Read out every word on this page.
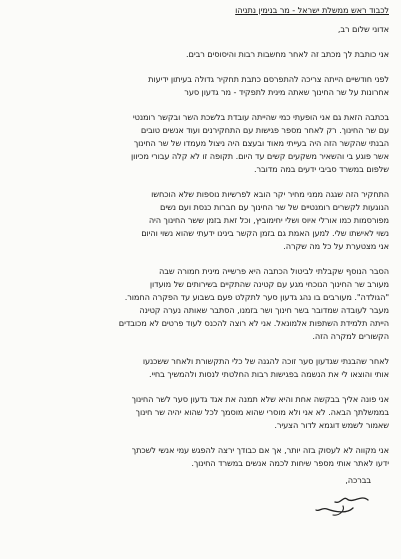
לכבוד ראש ממשלת ישראל - מר בנימין נתניהו
אדוני שלום רב,
אני כותבת לך מכתב זה לאחר מחשבות רבות והיסוסים רבים.
לפני חודשיים הייתה צריכה להתפרסם כתבת תחקיר גדולה בעיתון ידיעות
אחרונות על שר החינוך שאתה מינית לתפקיד - מר גדעון סער
בכתבה הזאת גם אני הופעתי כמי שהייתה עובדת בלשכת השר ובקשר רומנטי
עם שר החינוך. רק לאחר מספר פגישות עם התחקירנים ועוד אנשים טובים
הבנתי שהקשר הזה היה בעייתי מאוד ובעצם היה ניצול מעמדו של שר החינוך
אשר פוגע בי והשאיר משקעים קשים עד היום. תקופה זו לא קלה עבורי מכיוון
שלפום במשרד סביבי ידעים במה מדובר.
התחקיר הזה שגגה ממני מחיר יקר הובא לפרשיות נוספות שלא הוכחשו
הנוגעות לקשרים רומנטיים של שר החינוך עם חברות כנסת ועם נשים
מפורסמות כמו אורלי איוס ושלי יחימוביץ, וכל זאת בזמן ששר החינוך היה
נשוי לאישתו שלי. למען האמת גם בזמן הקשר בינינו ידעתי שהוא נשוי והיום
אני מצטערת על כל מה שקרה.
הסבר הנוסף שקבלתי לביטול הכתבה היא פרשייה מינית חמורה שבה
מעורב שר החינוך הנוכחי מגע עם קטינה שהתקיים בשירותים של מועדון
"הגולדה". מעורבים בו נהג גדעון סער לתקלט פעם בשבוע עד הפקרה החמור.
מעבר לעובדה שמדובר בשר חינוך ושר בזמנו, הסתבר שאותה נערה קטינה
הייתה תלמידת השתפות אלמונאל. אני לא רוצה להכנס לעוד פרטים לא מכובדים
הקשורים למקרה הזה.
לאחר שהבנתי שגדעון סער זוכה להגנה של כלי התקשורת ולאחר ששכנעו
אותי והוצאו לי את הנשמה בפגישות רבות החלטתי לנסות ולהמשיך בחיי.
אני פונה אליך בבקשה אחת והיא שלא תמנה את אגד גדעון סער לשר החינוך
בממשלתך הבאה. לא אני ולא מוסרי שהוא מוסמך לכל שהוא יהיה שר חינוך
שאמור לשמש דוגמא לדור הצעיר.
אני מקווה לא לעסוק בזה יותר, אך אם כבודך ירצה להפגש עמי אנשי לשכתך
ידעו לאתר אותי מספר שיחות לכמה אנשים במשרד החינוך.
בברכה,
